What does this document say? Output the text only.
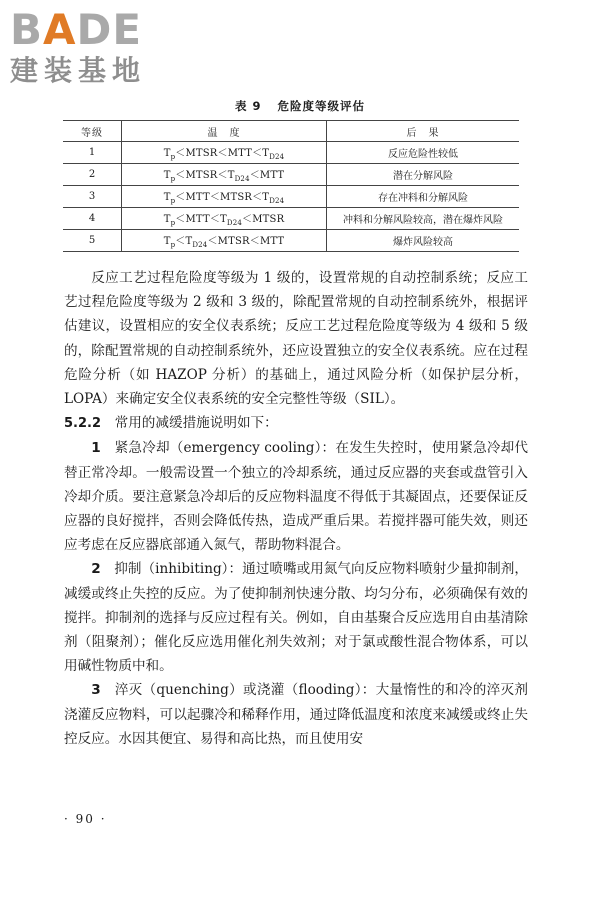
B A DE
建装基地
表 9 危险度等级评估
等级	温　度	后　果
1	$T_p<MTSR<MTT<T_{D24}$	反应危险性较低
2	$T_p<MTSR<T_{D24}<MTT$	潜在分解风险
3	$T_p<MTT<MTSR<T_{D24}$	存在冲料和分解风险
4	$T_p<MTT<T_{D24}<MTSR$	冲料和分解风险较高，潜在爆炸风险
5	$T_p<T_{D24}<MTSR<MTT$	爆炸风险较高

反应工艺过程危险度等级为 1 级的，设置常规的自动控制系统；反应工艺过程危险度等级为 2 级和 3 级的，除配置常规的自动控制系统外，根据评估建议，设置相应的安全仪表系统；反应工艺过程危险度等级为 4 级和 5 级的，除配置常规的自动控制系统外，还应设置独立的安全仪表系统。应在过程危险分析（如 HAZOP 分析）的基础上，通过风险分析（如保护层分析，LOPA）来确定安全仪表系统的安全完整性等级（SIL）。

5.2.2　 常用的减缓措施说明如下：

1　 紧急冷却（emergency cooling）：在发生失控时，使用紧急冷却代替正常冷却。一般需设置一个独立的冷却系统，通过反应器的夹套或盘管引入冷却介质。要注意紧急冷却后的反应物料温度不得低于其凝固点，还要保证反应器的良好搅拌，否则会降低传热，造成严重后果。若搅拌器可能失效，则还应考虑在反应器底部通入氮气，帮助物料混合。

2　 抑制（inhibiting）：通过喷嘴或用氮气向反应物料喷射少量抑制剂，减缓或终止失控的反应。为了使抑制剂快速分散、均匀分布，必须确保有效的搅拌。抑制剂的选择与反应过程有关。例如，自由基聚合反应选用自由基清除剂（阻聚剂）；催化反应选用催化剂失效剂；对于氯或酸性混合物体系，可以用碱性物质中和。

3　 淬灭（quenching）或浇灌（flooding）：大量惰性的和冷的淬灭剂浇灌反应物料，可以起骤冷和稀释作用，通过降低温度和浓度来减缓或终止失控反应。水因其便宜、易得和高比热，而且使用安

· 90 ·
